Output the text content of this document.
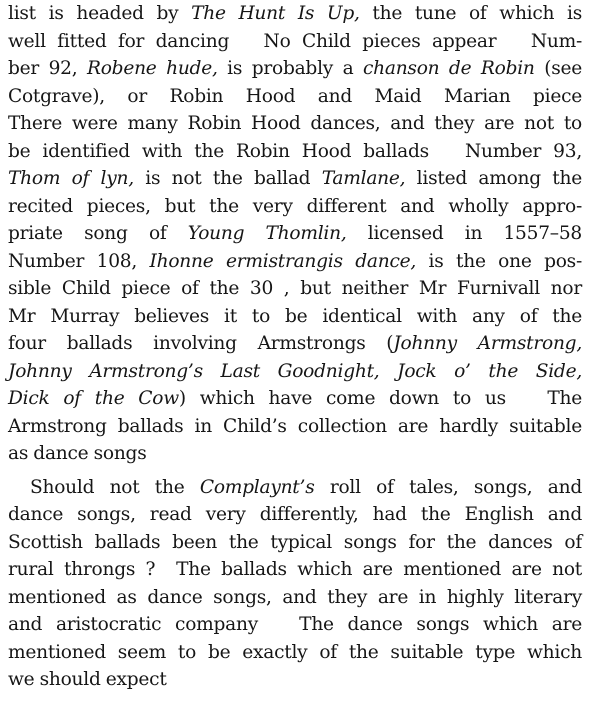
list is headed by The Hunt Is Up, the tune of which is
well fitted for dancing   No Child pieces appear   Num-
ber 92, Robene hude, is probably a chanson de Robin (see
Cotgrave), or Robin Hood and Maid Marian piece
There were many Robin Hood dances, and they are not to
be identified with the Robin Hood ballads   Number 93,
Thom of lyn, is not the ballad Tamlane, listed among the
recited pieces, but the very different and wholly appro-
priate song of Young Thomlin, licensed in 1557–58
Number 108, Ihonne ermistrangis dance, is the one pos-
sible Child piece of the 30 , but neither Mr Furnivall nor
Mr Murray believes it to be identical with any of the
four ballads involving Armstrongs (Johnny Armstrong,
Johnny Armstrong’s Last Goodnight, Jock o’ the Side,
Dick of the Cow) which have come down to us   The
Armstrong ballads in Child’s collection are hardly suitable
as dance songs
Should not the Complaynt’s roll of tales, songs, and
dance songs, read very differently, had the English and
Scottish ballads been the typical songs for the dances of
rural throngs ?  The ballads which are mentioned are not
mentioned as dance songs, and they are in highly literary
and aristocratic company   The dance songs which are
mentioned seem to be exactly of the suitable type which
we should expect
